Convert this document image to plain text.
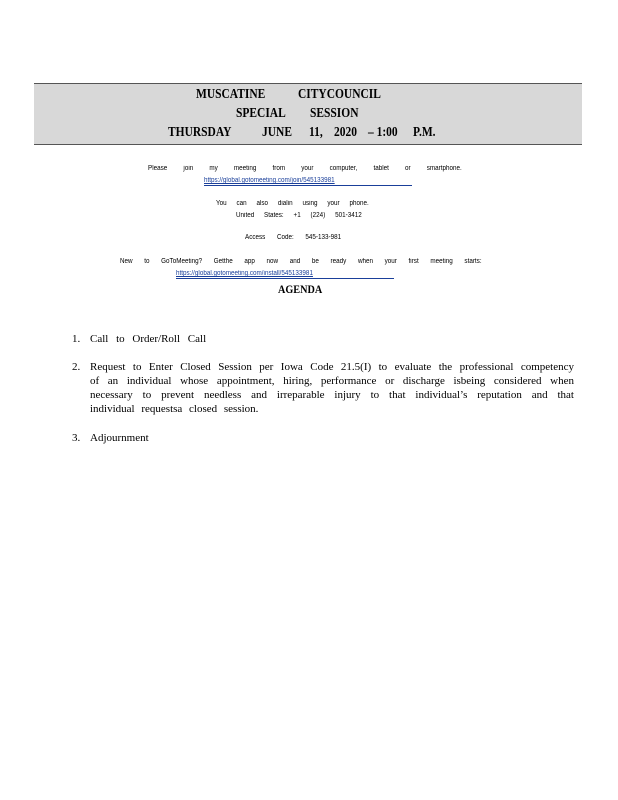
MUSCATINE CITYCOUNCIL
SPECIAL SESSION
THURSDAY JUNE 11, 2020 – 1:00 P.M.
Please join my meeting from your computer, tablet or smartphone.
https://global.gotomeeting.com/join/545133981
You can also dialin using your phone.
United States: +1 (224) 501-3412
Access Code: 545-133-981
New to GoToMeeting? Getthe app now and be ready when your first meeting starts:
https://global.gotomeeting.com/install/545133981
AGENDA
1. Call to Order/Roll Call
2. Request to Enter Closed Session per Iowa Code 21.5(I) to evaluate the professional competency of an individual whose appointment, hiring, performance or discharge isbeing considered when necessary to prevent needless and irreparable injury to that individual’s reputation and that individual requestsa closed session.
3. Adjournment
